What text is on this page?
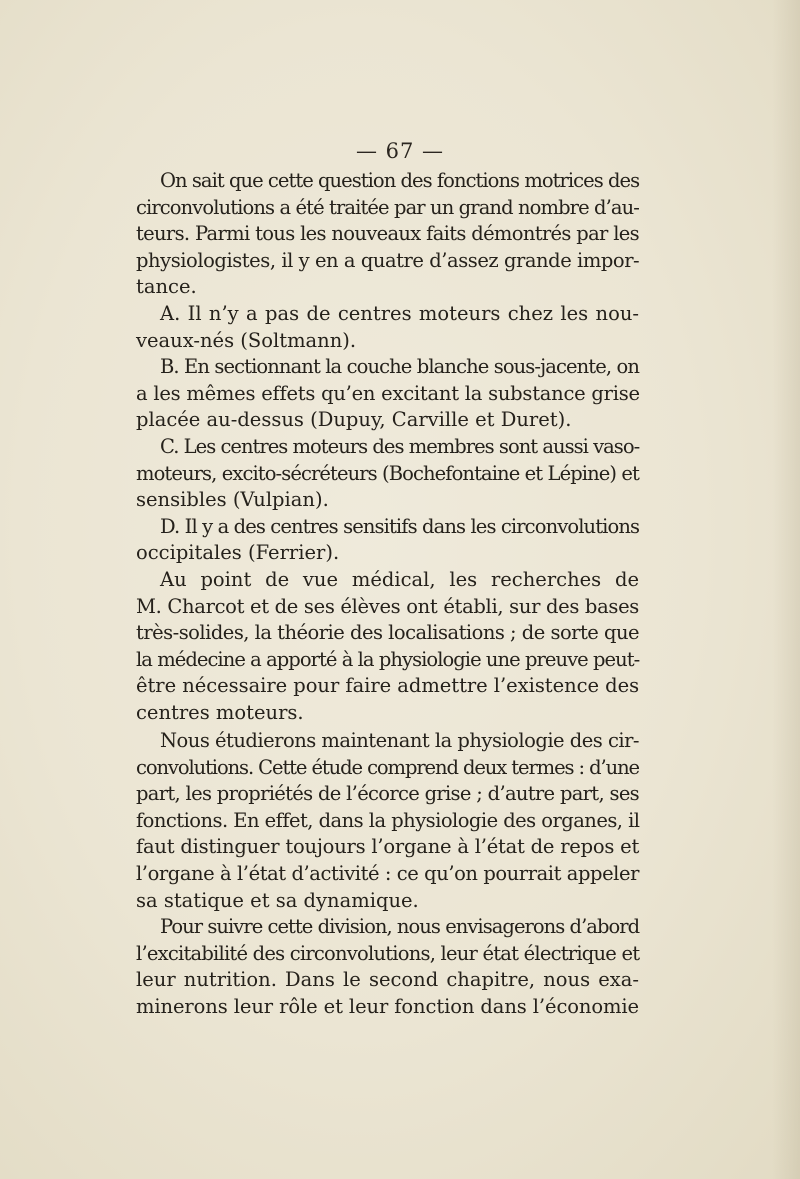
— 67 —
On sait que cette question des fonctions motrices des
circonvolutions a été traitée par un grand nombre d’au-
teurs. Parmi tous les nouveaux faits démontrés par les
physiologistes, il y en a quatre d’assez grande impor-
tance.
A. Il n’y a pas de centres moteurs chez les nou-
veaux-nés (Soltmann).
B. En sectionnant la couche blanche sous-jacente, on
a les mêmes effets qu’en excitant la substance grise
placée au-dessus (Dupuy, Carville et Duret).
C. Les centres moteurs des membres sont aussi vaso-
moteurs, excito-sécréteurs (Bochefontaine et Lépine) et
sensibles (Vulpian).
D. Il y a des centres sensitifs dans les circonvolutions
occipitales (Ferrier).
Au point de vue médical, les recherches de
M. Charcot et de ses élèves ont établi, sur des bases
très-solides, la théorie des localisations ; de sorte que
la médecine a apporté à la physiologie une preuve peut-
être nécessaire pour faire admettre l’existence des
centres moteurs.
Nous étudierons maintenant la physiologie des cir-
convolutions. Cette étude comprend deux termes : d’une
part, les propriétés de l’écorce grise ; d’autre part, ses
fonctions. En effet, dans la physiologie des organes, il
faut distinguer toujours l’organe à l’état de repos et
l’organe à l’état d’activité : ce qu’on pourrait appeler
sa statique et sa dynamique.
Pour suivre cette division, nous envisagerons d’abord
l’excitabilité des circonvolutions, leur état électrique et
leur nutrition. Dans le second chapitre, nous exa-
minerons leur rôle et leur fonction dans l’économie
